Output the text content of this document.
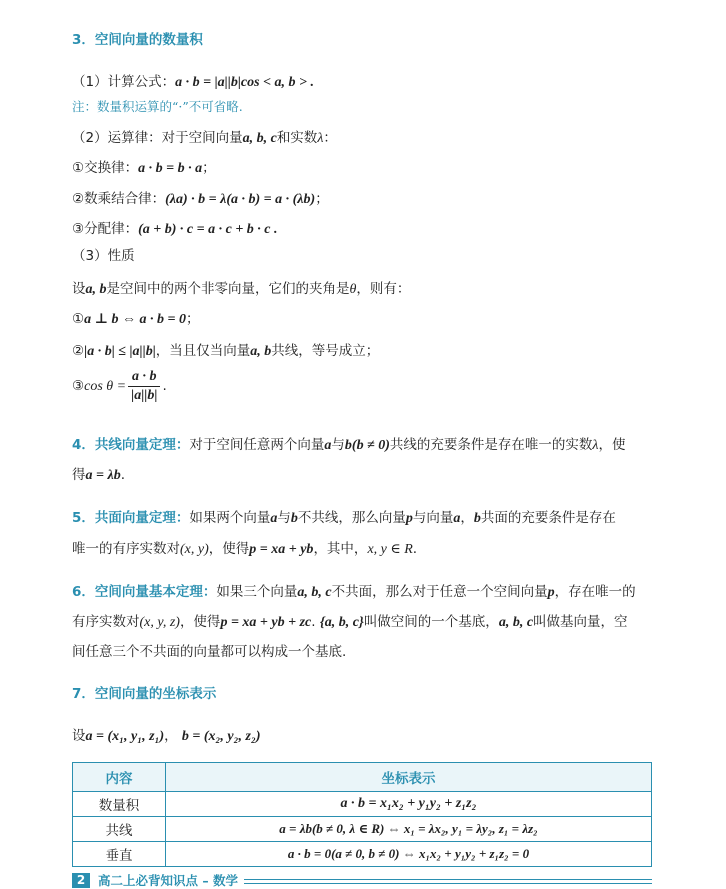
3．空间向量的数量积
（1）计算公式：a · b = |a||b|cos < a, b > .
注：数量积运算的“·”不可省略.
（2）运算律：对于空间向量a, b, c和实数λ：
①交换律：a · b = b · a；
②数乘结合律：(λa) · b = λ(a · b) = a · (λb)；
③分配律：(a + b) · c = a · c + b · c .
（3）性质
设a, b是空间中的两个非零向量，它们的夹角是θ，则有：
①a ⊥ b ⇔ a · b = 0；
②|a · b| ≤ |a||b|，当且仅当向量a, b共线，等号成立；
③cos $\theta = \frac{a \cdot b}{|a||b|}$ .
4．共线向量定理：对于空间任意两个向量a与b(b ≠ 0)共线的充要条件是存在唯一的实数λ，使
得a = λb.
5．共面向量定理：如果两个向量a与b不共线，那么向量p与向量a，b共面的充要条件是存在
唯一的有序实数对(x, y)，使得p = xa + yb，其中，x, y ∈ R.
6．空间向量基本定理：如果三个向量a, b, c不共面，那么对于任意一个空间向量p，存在唯一的
有序实数对(x, y, z)，使得p = xa + yb + zc. {a, b, c}叫做空间的一个基底，a, b, c叫做基向量，空
间任意三个不共面的向量都可以构成一个基底.
7．空间向量的坐标表示
设a = (x₁, y₁, z₁)， b = (x₂, y₂, z₂)
内容	坐标表示
数量积	a · b = x₁x₂ + y₁y₂ + z₁z₂
共线	a = λb(b ≠ 0, λ ∈ R) ⇔ x₁ = λx₂, y₁ = λy₂, z₁ = λz₂
垂直	a · b = 0(a ≠ 0, b ≠ 0) ⇔ x₁x₂ + y₁y₂ + z₁z₂ = 0
2	高二上必背知识点 – 数学
